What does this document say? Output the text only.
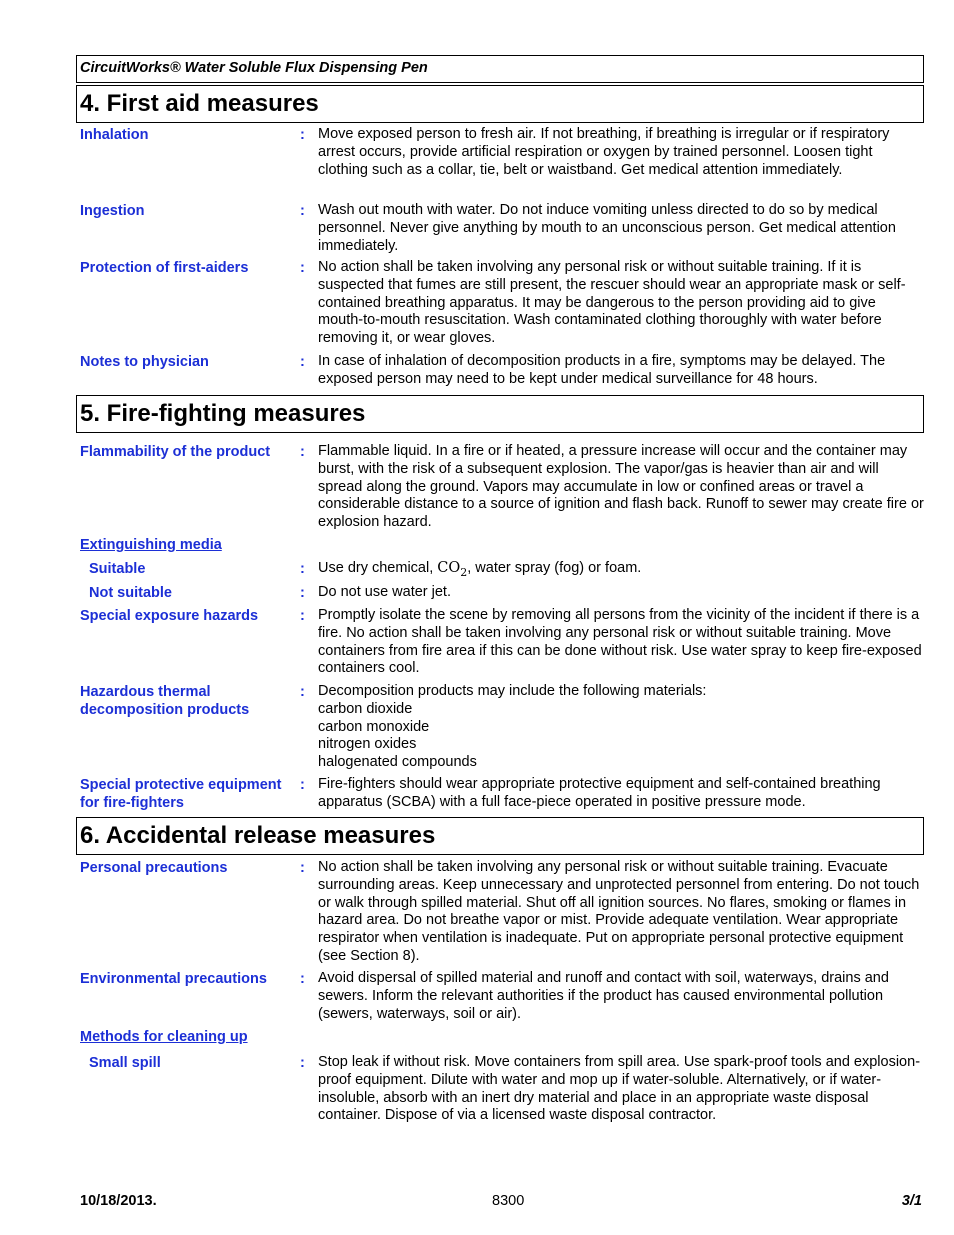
CircuitWorks® Water Soluble Flux Dispensing Pen
4. First aid measures
Inhalation	: Move exposed person to fresh air. If not breathing, if breathing is irregular or if respiratory arrest occurs, provide artificial respiration or oxygen by trained personnel. Loosen tight clothing such as a collar, tie, belt or waistband. Get medical attention immediately.
Ingestion	: Wash out mouth with water. Do not induce vomiting unless directed to do so by medical personnel. Never give anything by mouth to an unconscious person. Get medical attention immediately.
Protection of first-aiders	: No action shall be taken involving any personal risk or without suitable training. If it is suspected that fumes are still present, the rescuer should wear an appropriate mask or self-contained breathing apparatus. It may be dangerous to the person providing aid to give mouth-to-mouth resuscitation. Wash contaminated clothing thoroughly with water before removing it, or wear gloves.
Notes to physician	: In case of inhalation of decomposition products in a fire, symptoms may be delayed. The exposed person may need to be kept under medical surveillance for 48 hours.
5. Fire-fighting measures
Flammability of the product	: Flammable liquid. In a fire or if heated, a pressure increase will occur and the container may burst, with the risk of a subsequent explosion. The vapor/gas is heavier than air and will spread along the ground. Vapors may accumulate in low or confined areas or travel a considerable distance to a source of ignition and flash back. Runoff to sewer may create fire or explosion hazard.
Extinguishing media
Suitable	: Use dry chemical, $CO_2$, water spray (fog) or foam.
Not suitable	: Do not use water jet.
Special exposure hazards	: Promptly isolate the scene by removing all persons from the vicinity of the incident if there is a fire. No action shall be taken involving any personal risk or without suitable training. Move containers from fire area if this can be done without risk. Use water spray to keep fire-exposed containers cool.
Hazardous thermal decomposition products
: Decomposition products may include the following materials:
carbon dioxide
carbon monoxide
nitrogen oxides
halogenated compounds
Special protective equipment for fire-fighters
: Fire-fighters should wear appropriate protective equipment and self-contained breathing apparatus (SCBA) with a full face-piece operated in positive pressure mode.
6. Accidental release measures
Personal precautions	: No action shall be taken involving any personal risk or without suitable training. Evacuate surrounding areas. Keep unnecessary and unprotected personnel from entering. Do not touch or walk through spilled material. Shut off all ignition sources. No flares, smoking or flames in hazard area. Do not breathe vapor or mist. Provide adequate ventilation. Wear appropriate respirator when ventilation is inadequate. Put on appropriate personal protective equipment (see Section 8).
Environmental precautions	: Avoid dispersal of spilled material and runoff and contact with soil, waterways, drains and sewers. Inform the relevant authorities if the product has caused environmental pollution (sewers, waterways, soil or air).
Methods for cleaning up
Small spill	: Stop leak if without risk. Move containers from spill area. Use spark-proof tools and explosion-proof equipment. Dilute with water and mop up if water-soluble. Alternatively, or if water-insoluble, absorb with an inert dry material and place in an appropriate waste disposal container. Dispose of via a licensed waste disposal contractor.
10/18/2013.	8300	3/1
